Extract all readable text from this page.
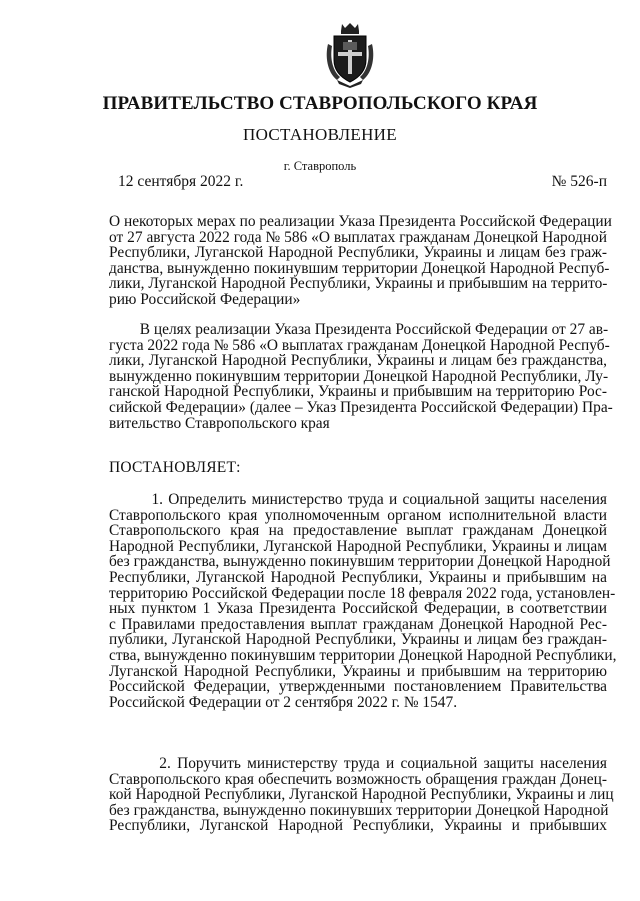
ПРАВИТЕЛЬСТВО СТАВРОПОЛЬСКОГО КРАЯ
ПОСТАНОВЛЕНИЕ
г. Ставрополь
12 сентября 2022 г.	№ 526-п
О некоторых мерах по реализации Указа Президента Российской Федерации
от 27 августа 2022 года № 586 «О выплатах гражданам Донецкой Народной
Республики, Луганской Народной Республики, Украины и лицам без граж-
данства, вынужденно покинувшим территории Донецкой Народной Респуб-
лики, Луганской Народной Республики, Украины и прибывшим на террито-
рию Российской Федерации»
В целях реализации Указа Президента Российской Федерации от 27 ав-
густа 2022 года № 586 «О выплатах гражданам Донецкой Народной Респуб-
лики, Луганской Народной Республики, Украины и лицам без гражданства,
вынужденно покинувшим территории Донецкой Народной Республики, Лу-
ганской Народной Республики, Украины и прибывшим на территорию Рос-
сийской Федерации» (далее – Указ Президента Российской Федерации) Пра-
вительство Ставропольского края
ПОСТАНОВЛЯЕТ:
1. Определить министерство труда и социальной защиты населения
Ставропольского края уполномоченным органом исполнительной власти
Ставропольского края на предоставление выплат гражданам Донецкой
Народной Республики, Луганской Народной Республики, Украины и лицам
без гражданства, вынужденно покинувшим территории Донецкой Народной
Республики, Луганской Народной Республики, Украины и прибывшим на
территорию Российской Федерации после 18 февраля 2022 года, установлен-
ных пунктом 1 Указа Президента Российской Федерации, в соответствии
с Правилами предоставления выплат гражданам Донецкой Народной Рес-
публики, Луганской Народной Республики, Украины и лицам без граждан-
ства, вынужденно покинувшим территории Донецкой Народной Республики,
Луганской Народной Республики, Украины и прибывшим на территорию
Российской Федерации, утвержденными постановлением Правительства
Российской Федерации от 2 сентября 2022 г. № 1547.
2. Поручить министерству труда и социальной защиты населения
Ставропольского края обеспечить возможность обращения граждан Донец-
кой Народной Республики, Луганской Народной Республики, Украины и лиц
без гражданства, вынужденно покинувших территории Донецкой Народной
Республики, Луганской Народной Республики, Украины и прибывших
